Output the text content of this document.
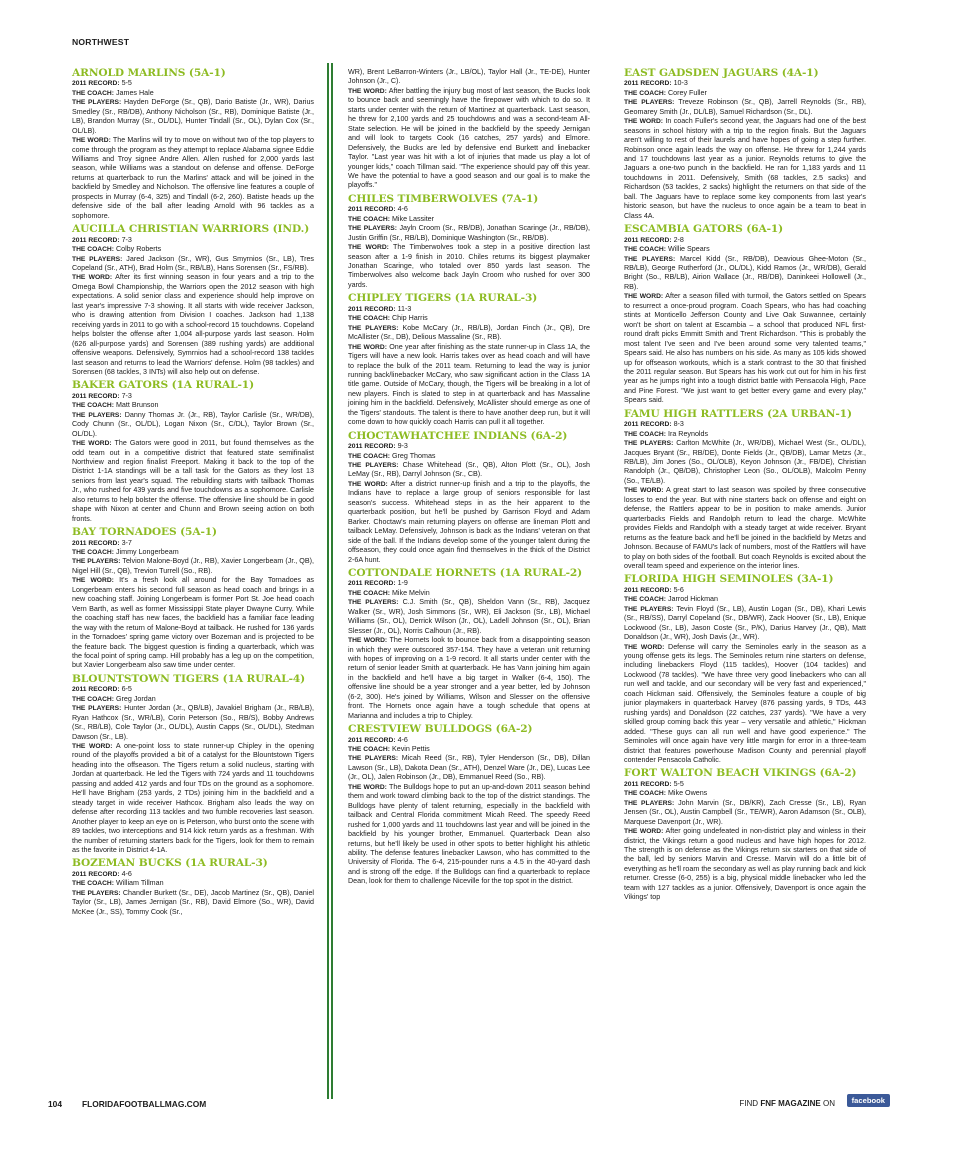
NORTHWEST
ARNOLD MARLINS (5A-1)

2011 RECORD: 5-5

THE COACH: James Hale

THE PLAYERS: Hayden DeForge (Sr., QB), Dario Batiste (Jr., WR), Darius Smedley (Sr., RB/DB), Anthony Nicholson (Sr., RB), Dominique Batiste (Jr., LB), Brandon Murray (Sr., OL/DL), Hunter Tindall (Sr., OL), Dylan Cox (Sr., OL/LB).

THE WORD: The Marlins will try to move on without two of the top players to come through the program as they attempt to replace Alabama signee Eddie Williams and Troy signee Andre Allen. Allen rushed for 2,000 yards last season, while Williams was a standout on defense and offense. DeForge returns at quarterback to run the Marlins' attack and will be joined in the backfield by Smedley and Nicholson. The offensive line features a couple of prospects in Murray (6-4, 325) and Tindall (6-2, 260). Batiste heads up the defensive side of the ball after leading Arnold with 96 tackles as a sophomore.

AUCILLA CHRISTIAN WARRIORS (IND.)

2011 RECORD: 7-3

THE COACH: Colby Roberts

THE PLAYERS: Jared Jackson (Sr., WR), Gus Smyrnios (Sr., LB), Tres Copeland (Sr., ATH), Brad Holm (Sr., RB/LB), Hans Sorensen (Sr., FS/RB).

THE WORD: After its first winning season in four years and a trip to the Omega Bowl Championship, the Warriors open the 2012 season with high expectations. A solid senior class and experience should help improve on last year's impressive 7-3 showing. It all starts with wide receiver Jackson, who is drawing attention from Division I coaches. Jackson had 1,138 receiving yards in 2011 to go with a school-record 15 touchdowns. Copeland helps bolster the offense after 1,004 all-purpose yards last season. Holm (626 all-purpose yards) and Sorensen (389 rushing yards) are additional offensive weapons. Defensively, Symrnios had a school-record 138 tackles last season and returns to lead the Warriors' defense. Holm (98 tackles) and Sorensen (68 tackles, 3 INTs) will also help out on defense.

BAKER GATORS (1A RURAL-1)

2011 RECORD: 7-3

THE COACH: Matt Brunson

THE PLAYERS: Danny Thomas Jr. (Jr., RB), Taylor Carlisle (Sr., WR/DB), Cody Chunn (Sr., OL/DL), Logan Nixon (Sr., C/DL), Taylor Brown (Sr., OL/DL).

THE WORD: The Gators were good in 2011, but found themselves as the odd team out in a competitive district that featured state semifinalist Northview and region finalist Freeport. Making it back to the top of the District 1-1A standings will be a tall task for the Gators as they lost 13 seniors from last year's squad. The rebuilding starts with tailback Thomas Jr., who rushed for 439 yards and five touchdowns as a sophomore. Carlisle also returns to help bolster the offense. The offensive line should be in good shape with Nixon at center and Chunn and Brown seeing action on both fronts.

BAY TORNADOES (5A-1)

2011 RECORD: 3-7

THE COACH: Jimmy Longerbeam

THE PLAYERS: Telvion Malone-Boyd (Jr., RB), Xavier Longerbeam (Jr., QB), Nigel Hill (Sr., QB), Trevion Turrell (So., RB).

THE WORD: It's a fresh look all around for the Bay Tornadoes as Longerbeam enters his second full season as head coach and brings in a new coaching staff. Joining Longerbeam is former Port St. Joe head coach Vern Barth, as well as former Mississippi State player Dwayne Curry. While the coaching staff has new faces, the backfield has a familiar face leading the way with the return of Malone-Boyd at tailback. He rushed for 136 yards in the Tornadoes' spring game victory over Bozeman and is projected to be the feature back. The biggest question is finding a quarterback, which was the focal point of spring camp. Hill probably has a leg up on the competition, but Xavier Longerbeam also saw time under center.

BLOUNTSTOWN TIGERS (1A RURAL-4)

2011 RECORD: 6-5

THE COACH: Greg Jordan

THE PLAYERS: Hunter Jordan (Jr., QB/LB), Javakiel Brigham (Jr., RB/LB), Ryan Hathcox (Sr., WR/LB), Corin Peterson (So., RB/S), Bobby Andrews (Sr., RB/LB), Cole Taylor (Jr., OL/DL), Austin Capps (Sr., OL/DL), Stedman Dawson (Sr., LB).

THE WORD: A one-point loss to state runner-up Chipley in the opening round of the playoffs provided a bit of a catalyst for the Blountstown Tigers heading into the offseason. The Tigers return a solid nucleus, starting with Jordan at quarterback. He led the Tigers with 724 yards and 11 touchdowns passing and added 412 yards and four TDs on the ground as a sophomore. He'll have Brigham (253 yards, 2 TDs) joining him in the backfield and a steady target in wide receiver Hathcox. Brigham also leads the way on defense after recording 113 tackles and two fumble recoveries last season. Another player to keep an eye on is Peterson, who burst onto the scene with 89 tackles, two interceptions and 914 kick return yards as a freshman. With the number of returning starters back for the Tigers, look for them to remain as the favorite in District 4-1A.

BOZEMAN BUCKS (1A RURAL-3)

2011 RECORD: 4-6

THE COACH: William Tillman

THE PLAYERS: Chandler Burkett (Sr., DE), Jacob Martinez (Sr., QB), Daniel Taylor (Sr., LB), James Jernigan (Sr., RB), David Elmore (So., WR), David McKee (Jr., SS), Tommy Cook (Sr.,

WR), Brent LeBarron-Winters (Jr., LB/OL), Taylor Hall (Jr., TE-DE), Hunter Johnson (Jr., C).

THE WORD: After battling the injury bug most of last season, the Bucks look to bounce back and seemingly have the firepower with which to do so. It starts under center with the return of Martinez at quarterback. Last season, he threw for 2,100 yards and 25 touchdowns and was a second-team All-State selection. He will be joined in the backfield by the speedy Jernigan and will look to targets Cook (16 catches, 257 yards) and Elmore. Defensively, the Bucks are led by defensive end Burkett and linebacker Taylor. "Last year was hit with a lot of injuries that made us play a lot of younger kids," coach Tillman said. "The experience should pay off this year. We have the potential to have a good season and our goal is to make the playoffs."

CHILES TIMBERWOLVES (7A-1)

2011 RECORD: 4-6

THE COACH: Mike Lassiter

THE PLAYERS: Jayln Croom (Sr., RB/DB), Jonathan Scaringe (Jr., RB/DB), Justin Griffin (Sr., RB/LB), Dominique Washington (Sr., RB/DB).

THE WORD: The Timberwolves took a step in a positive direction last season after a 1-9 finish in 2010. Chiles returns its biggest playmaker Jonathan Scaringe, who totaled over 850 yards last season. The Timberwolves also welcome back Jayln Croom who rushed for over 300 yards.

CHIPLEY TIGERS (1A RURAL-3)

2011 RECORD: 11-3

THE COACH: Chip Harris

THE PLAYERS: Kobe McCary (Jr., RB/LB), Jordan Finch (Jr., QB), Dre McAllister (Sr., DB), Delious Massaline (Sr., RB).

THE WORD: One year after finishing as the state runner-up in Class 1A, the Tigers will have a new look. Harris takes over as head coach and will have to replace the bulk of the 2011 team. Returning to lead the way is junior running back/linebacker McCary, who saw significant action in the Class 1A title game. Outside of McCary, though, the Tigers will be breaking in a lot of new players. Finch is slated to step in at quarterback and has Massaline joining him in the backfield. Defensively, McAllister should emerge as one of the Tigers' standouts. The talent is there to have another deep run, but it will come down to how quickly coach Harris can pull it all together.

CHOCTAWHATCHEE INDIANS (6A-2)

2011 RECORD: 9-3

THE COACH: Greg Thomas

THE PLAYERS: Chase Whitehead (Sr., QB), Alton Plott (Sr., OL), Josh LeMay (Sr., RB), Darryl Johnson (Sr., CB).

THE WORD: After a district runner-up finish and a trip to the playoffs, the Indians have to replace a large group of seniors responsible for last season's success. Whitehead steps in as the heir apparent to the quarterback position, but he'll be pushed by Garrison Floyd and Adam Barker. Choctaw's main returning players on offense are lineman Plott and tailback LeMay. Defensively, Johnson is back as the Indians' veteran on that side of the ball. If the Indians develop some of the younger talent during the offseason, they could once again find themselves in the thick of the District 2-6A hunt.

COTTONDALE HORNETS (1A RURAL-2)

2011 RECORD: 1-9

THE COACH: Mike Melvin

THE PLAYERS: C.J. Smith (Sr., QB), Sheldon Vann (Sr., RB), Jacquez Walker (Sr., WR), Josh Simmons (Sr., WR), Eli Jackson (Sr., LB), Michael Williams (Sr., OL), Derrick Wilson (Jr., OL), Ladell Johnson (Sr., OL), Brian Slesser (Jr., OL), Norris Calhoun (Jr., RB).

THE WORD: The Hornets look to bounce back from a disappointing season in which they were outscored 357-154. They have a veteran unit returning with hopes of improving on a 1-9 record. It all starts under center with the return of senior leader Smith at quarterback. He has Vann joining him again in the backfield and he'll have a big target in Walker (6-4, 150). The offensive line should be a year stronger and a year better, led by Johnson (6-2, 300). He's joined by Williams, Wilson and Slesser on the offensive front. The Hornets once again have a tough schedule that opens at Marianna and includes a trip to Chipley.

CRESTVIEW BULLDOGS (6A-2)

2011 RECORD: 4-6

THE COACH: Kevin Pettis

THE PLAYERS: Micah Reed (Sr., RB), Tyler Henderson (Sr., DB), Dillan Lawson (Sr., LB), Dakota Dean (Sr., ATH), Denzel Ware (Jr., DE), Lucas Lee (Jr., OL), Jalen Robinson (Jr., DB), Emmanuel Reed (So., RB).

THE WORD: The Bulldogs hope to put an up-and-down 2011 season behind them and work toward climbing back to the top of the district standings. The Bulldogs have plenty of talent returning, especially in the backfield with tailback and Central Florida commitment Micah Reed. The speedy Reed rushed for 1,000 yards and 11 touchdowns last year and will be joined in the backfield by his younger brother, Emmanuel. Quarterback Dean also returns, but he'll likely be used in other spots to better highlight his athletic ability. The defense features linebacker Lawson, who has committed to the University of Florida. The 6-4, 215-pounder runs a 4.5 in the 40-yard dash and is strong off the edge. If the Bulldogs can find a quarterback to replace Dean, look for them to challenge Niceville for the top spot in the district.

EAST GADSDEN JAGUARS (4A-1)

2011 RECORD: 10-3

THE COACH: Corey Fuller

THE PLAYERS: Treveze Robinson (Sr., QB), Jarrell Reynolds (Sr., RB), Geomarey Smith (Jr., DL/LB), Samuel Richardson (Sr., DL).

THE WORD: In coach Fuller's second year, the Jaguars had one of the best seasons in school history with a trip to the region finals. But the Jaguars aren't willing to rest of their laurels and have hopes of going a step further. Robinson once again leads the way on offense. He threw for 1,244 yards and 17 touchdowns last year as a junior. Reynolds returns to give the Jaguars a one-two punch in the backfield. He ran for 1,183 yards and 11 touchdowns in 2011. Defensively, Smith (68 tackles, 2.5 sacks) and Richardson (53 tackles, 2 sacks) highlight the returners on that side of the ball. The Jaguars have to replace some key components from last year's historic season, but have the nucleus to once again be a team to beat in Class 4A.

ESCAMBIA GATORS (6A-1)

2011 RECORD: 2-8

THE COACH: Willie Spears

THE PLAYERS: Marcel Kidd (Sr., RB/DB), Deavious Ghee-Moton (Sr., RB/LB), George Rutherford (Jr., OL/DL), Kidd Ramos (Jr., WR/DB), Gerald Bright (So., RB/LB), Airion Wallace (Jr., RB/DB), Daninkeei Hollowell (Jr., RB).

THE WORD: After a season filled with turmoil, the Gators settled on Spears to resurrect a once-proud program. Coach Spears, who has had coaching stints at Monticello Jefferson County and Live Oak Suwannee, certainly won't be short on talent at Escambia – a school that produced NFL first-round draft picks Emmitt Smith and Trent Richardson. "This is probably the most talent I've seen and I've been around some very talented teams," Spears said. He also has numbers on his side. As many as 105 kids showed up for offseason workouts, which is a stark contrast to the 30 that finished the 2011 regular season. But Spears has his work cut out for him in his first year as he jumps right into a tough district battle with Pensacola High, Pace and Pine Forest. "We just want to get better every game and every play," Spears said.

FAMU HIGH RATTLERS (2A URBAN-1)

2011 RECORD: 8-3

THE COACH: Ira Reynolds

THE PLAYERS: Carlton McWhite (Jr., WR/DB), Michael West (Sr., OL/DL), Jacques Bryant (Sr., RB/DE), Donte Fields (Jr., QB/DB), Lamar Metzs (Jr., RB/LB), Jim Jones (So., OL/OLB), Keyon Johnson (Jr., FB/DE), Christian Randolph (Jr., QB/DB), Christopher Leon (So., OL/OLB), Malcolm Penny (So., TE/LB).

THE WORD: A great start to last season was spoiled by three consecutive losses to end the year. But with nine starters back on offense and eight on defense, the Rattlers appear to be in position to make amends. Junior quarterbacks Fields and Randolph return to lead the charge. McWhite provides Fields and Randolph with a steady target at wide receiver. Bryant returns as the feature back and he'll be joined in the backfield by Metzs and Johnson. Because of FAMU's lack of numbers, most of the Rattlers will have to play on both sides of the football. But coach Reynolds is excited about the overall team speed and experience on the interior lines.

FLORIDA HIGH SEMINOLES (3A-1)

2011 RECORD: 5-6

THE COACH: Jarrod Hickman

THE PLAYERS: Tevin Floyd (Sr., LB), Austin Logan (Sr., DB), Khari Lewis (Sr., RB/SS), Darryl Copeland (Sr., DB/WR), Zack Hoover (Sr., LB), Enique Lockwood (Sr., LB), Jason Coste (Sr., P/K), Darius Harvey (Jr., QB), Matt Donaldson (Jr., WR), Josh Davis (Jr., WR).

THE WORD: Defense will carry the Seminoles early in the season as a young offense gets its legs. The Seminoles return nine starters on defense, including linebackers Floyd (115 tackles), Hoover (104 tackles) and Lockwood (78 tackles). "We have three very good linebackers who can all run well and tackle, and our secondary will be very fast and experienced," coach Hickman said. Offensively, the Seminoles feature a couple of big junior playmakers in quarterback Harvey (876 passing yards, 9 TDs, 443 rushing yards) and Donaldson (22 catches, 237 yards). "We have a very skilled group coming back this year – very versatile and athletic," Hickman added. "These guys can all run well and have good experience." The Seminoles will once again have very little margin for error in a three-team district that features powerhouse Madison County and perennial playoff contender Pensacola Catholic.

FORT WALTON BEACH VIKINGS (6A-2)

2011 RECORD: 5-5

THE COACH: Mike Owens

THE PLAYERS: John Marvin (Sr., DB/KR), Zach Cresse (Sr., LB), Ryan Jensen (Sr., OL), Austin Campbell (Sr., TE/WR), Aaron Adamson (Sr., OLB), Marquese Davenport (Jr., WR).

THE WORD: After going undefeated in non-district play and winless in their district, the Vikings return a good nucleus and have high hopes for 2012. The strength is on defense as the Vikings return six starters on that side of the ball, led by seniors Marvin and Cresse. Marvin will do a little bit of everything as he'll roam the secondary as well as play running back and kick returner. Cresse (6-0, 255) is a big, physical middle linebacker who led the team with 127 tackles as a junior. Offensively, Davenport is once again the Vikings' top

104 FLORIDAFOOTBALLMAG.COM	FIND FNF MAGAZINE ON	facebook
